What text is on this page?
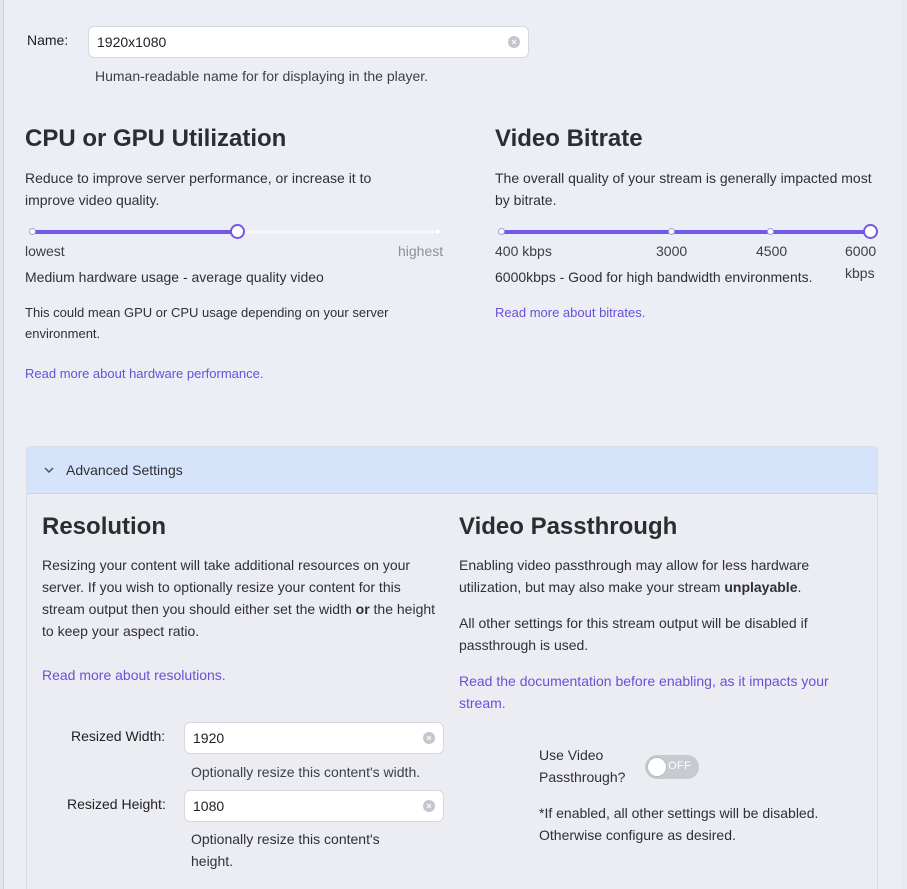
Name:
1920x1080	×
Human-readable name for for displaying in the player.
CPU or GPU Utilization
Reduce to improve server performance, or increase it to improve video quality.
lowest	highest
Medium hardware usage - average quality video
This could mean GPU or CPU usage depending on your server environment.
Read more about hardware performance.
Video Bitrate
The overall quality of your stream is generally impacted most by bitrate.
400 kbps	3000	4500	6000 kbps
6000kbps - Good for high bandwidth environments.
Read more about bitrates.
Advanced Settings
Resolution
Resizing your content will take additional resources on your server. If you wish to optionally resize your content for this stream output then you should either set the width or the height to keep your aspect ratio.
Read more about resolutions.
Resized Width:
1920	×
Optionally resize this content's width.
Resized Height:
1080	×
Optionally resize this content's height.
Video Passthrough
Enabling video passthrough may allow for less hardware utilization, but may also make your stream unplayable.
All other settings for this stream output will be disabled if passthrough is used.
Read the documentation before enabling, as it impacts your stream.
Use Video Passthrough?
OFF
*If enabled, all other settings will be disabled. Otherwise configure as desired.
